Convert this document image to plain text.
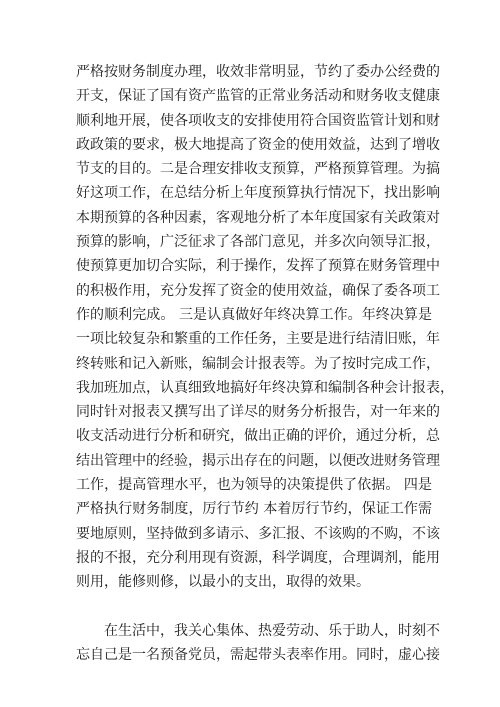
严格按财务制度办理，收效非常明显，节约了委办公经费的
开支，保证了国有资产监管的正常业务活动和财务收支健康
顺利地开展，使各项收支的安排使用符合国资监管计划和财
政政策的要求，极大地提高了资金的使用效益，达到了增收
节支的目的。二是合理安排收支预算，严格预算管理。为搞
好这项工作，在总结分析上年度预算执行情况下，找出影响
本期预算的各种因素，客观地分析了本年度国家有关政策对
预算的影响，广泛征求了各部门意见，并多次向领导汇报，
使预算更加切合实际，利于操作，发挥了预算在财务管理中
的积极作用，充分发挥了资金的使用效益，确保了委各项工
作的顺利完成。 三是认真做好年终决算工作。年终决算是
一项比较复杂和繁重的工作任务，主要是进行结清旧账，年
终转账和记入新账，编制会计报表等。为了按时完成工作，
我加班加点，认真细致地搞好年终决算和编制各种会计报表，
同时针对报表又撰写出了详尽的财务分析报告，对一年来的
收支活动进行分析和研究，做出正确的评价，通过分析，总
结出管理中的经验，揭示出存在的问题，以便改进财务管理
工作，提高管理水平，也为领导的决策提供了依据。 四是
严格执行财务制度，厉行节约 本着厉行节约，保证工作需
要地原则，坚持做到多请示、多汇报、不该购的不购，不该
报的不报，充分利用现有资源，科学调度，合理调剂，能用
则用，能修则修，以最小的支出，取得的效果。
在生活中，我关心集体、热爱劳动、乐于助人，时刻不
忘自己是一名预备党员，需起带头表率作用。同时，虚心接
